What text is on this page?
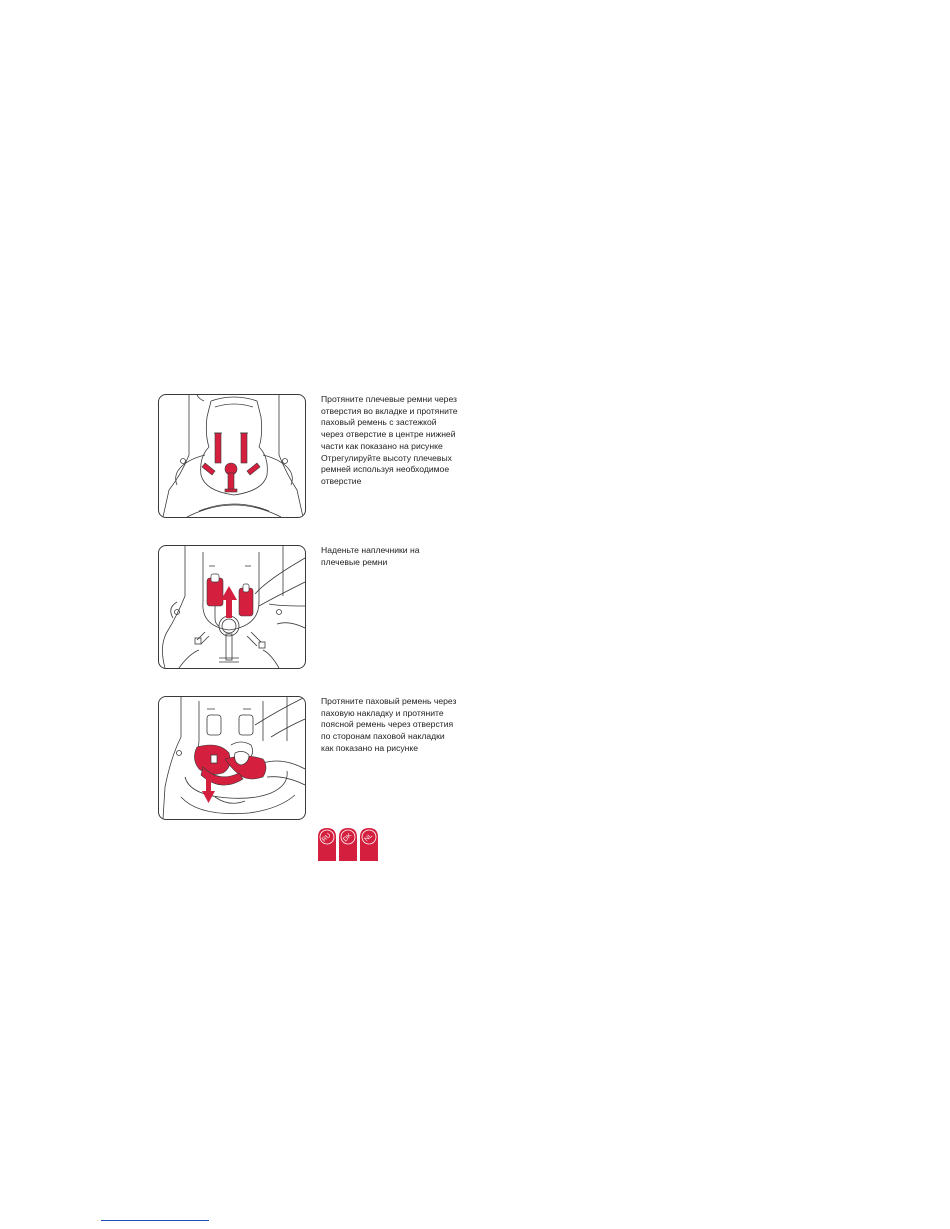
Протяните плечевые ремни через
отверстия во вкладке и протяните
паховый ремень с застежкой
через отверстие в центре нижней
части как показано на рисунке
Отрегулируйте высоту плечевых
ремней используя необходимое
отверстие
Наденьте наплечники на
плечевые ремни
Протяните паховый ремень через
паховую накладку и протяните
поясной ремень через отверстия
по сторонам паховой накладки
как показано на рисунке
RU	DK	NL
